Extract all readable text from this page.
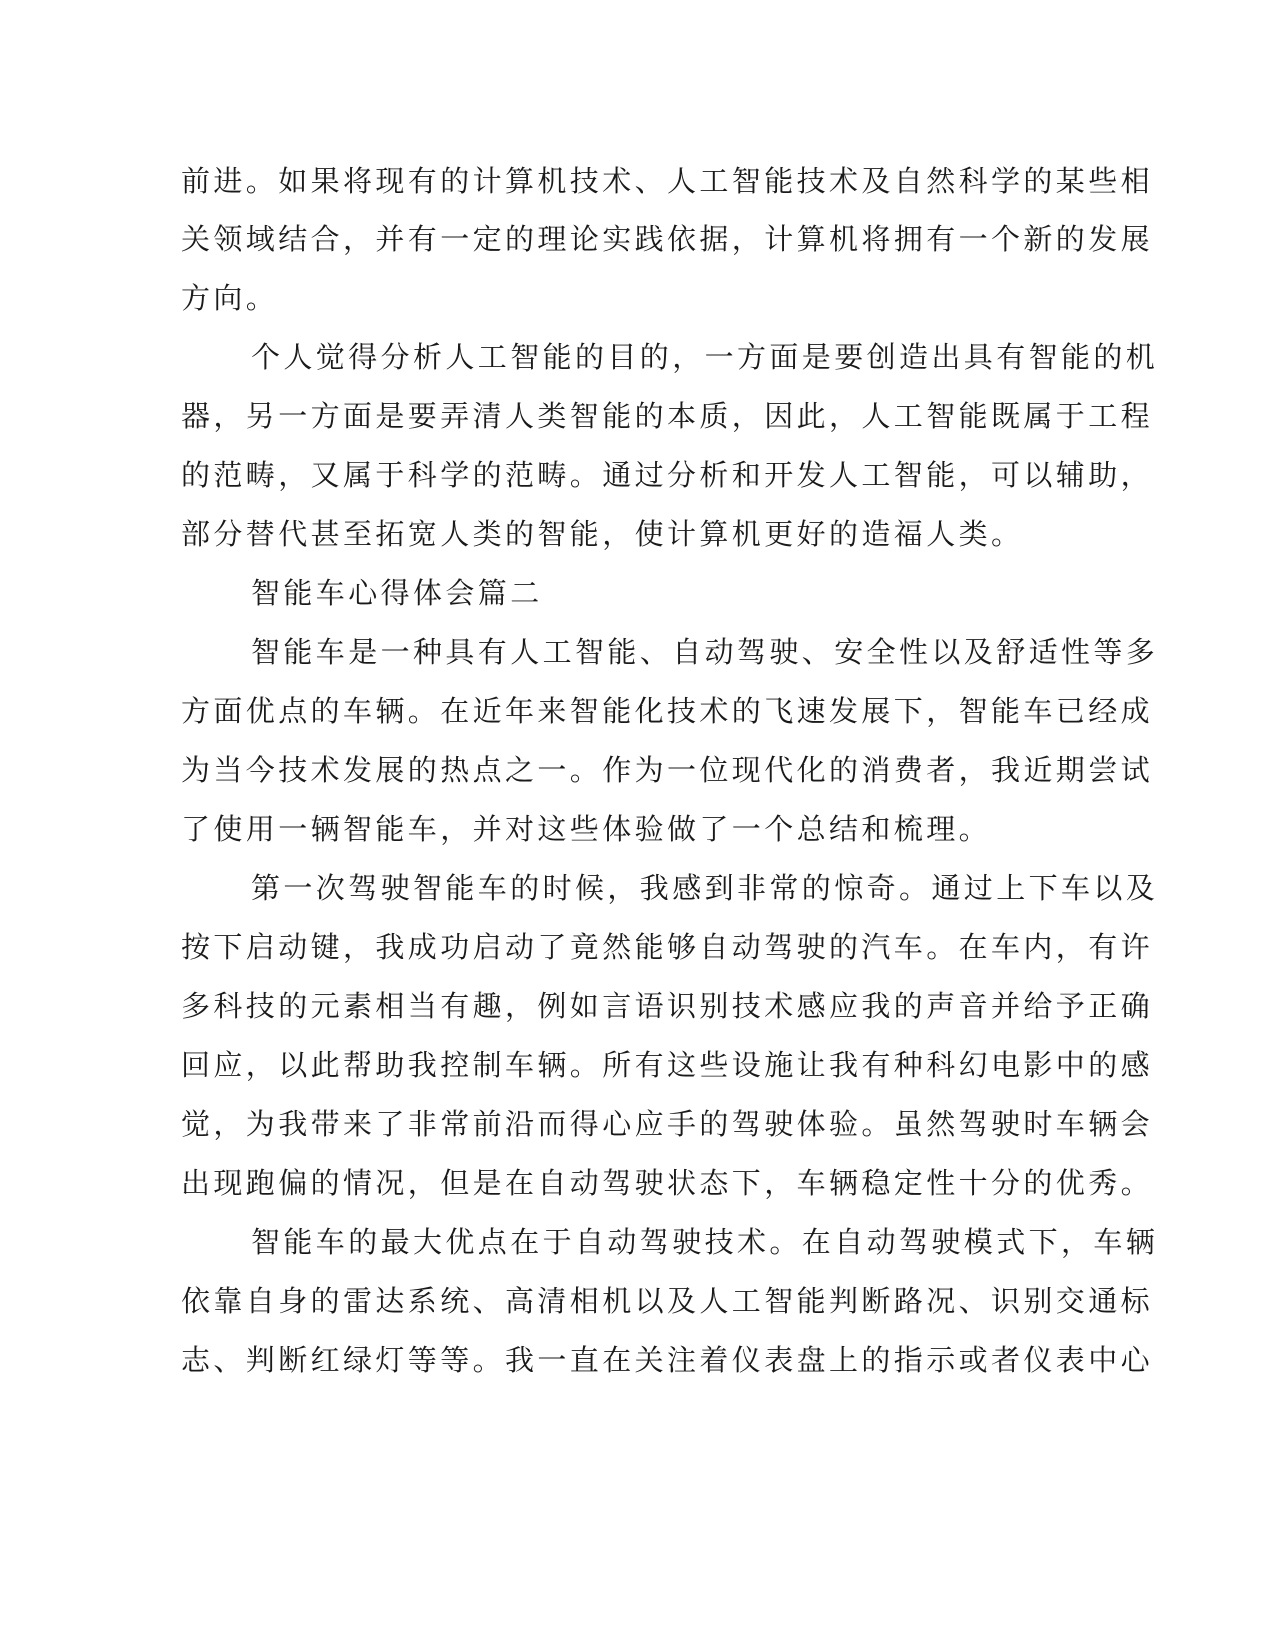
前进。如果将现有的计算机技术、人工智能技术及自然科学的某些相

关领域结合，并有一定的理论实践依据，计算机将拥有一个新的发展

方向。

个人觉得分析人工智能的目的，一方面是要创造出具有智能的机

器，另一方面是要弄清人类智能的本质，因此，人工智能既属于工程

的范畴，又属于科学的范畴。通过分析和开发人工智能，可以辅助，

部分替代甚至拓宽人类的智能，使计算机更好的造福人类。

智能车心得体会篇二

智能车是一种具有人工智能、自动驾驶、安全性以及舒适性等多

方面优点的车辆。在近年来智能化技术的飞速发展下，智能车已经成

为当今技术发展的热点之一。作为一位现代化的消费者，我近期尝试

了使用一辆智能车，并对这些体验做了一个总结和梳理。

第一次驾驶智能车的时候，我感到非常的惊奇。通过上下车以及

按下启动键，我成功启动了竟然能够自动驾驶的汽车。在车内，有许

多科技的元素相当有趣，例如言语识别技术感应我的声音并给予正确

回应，以此帮助我控制车辆。所有这些设施让我有种科幻电影中的感

觉，为我带来了非常前沿而得心应手的驾驶体验。虽然驾驶时车辆会

出现跑偏的情况，但是在自动驾驶状态下，车辆稳定性十分的优秀。

智能车的最大优点在于自动驾驶技术。在自动驾驶模式下，车辆

依靠自身的雷达系统、高清相机以及人工智能判断路况、识别交通标

志、判断红绿灯等等。我一直在关注着仪表盘上的指示或者仪表中心
